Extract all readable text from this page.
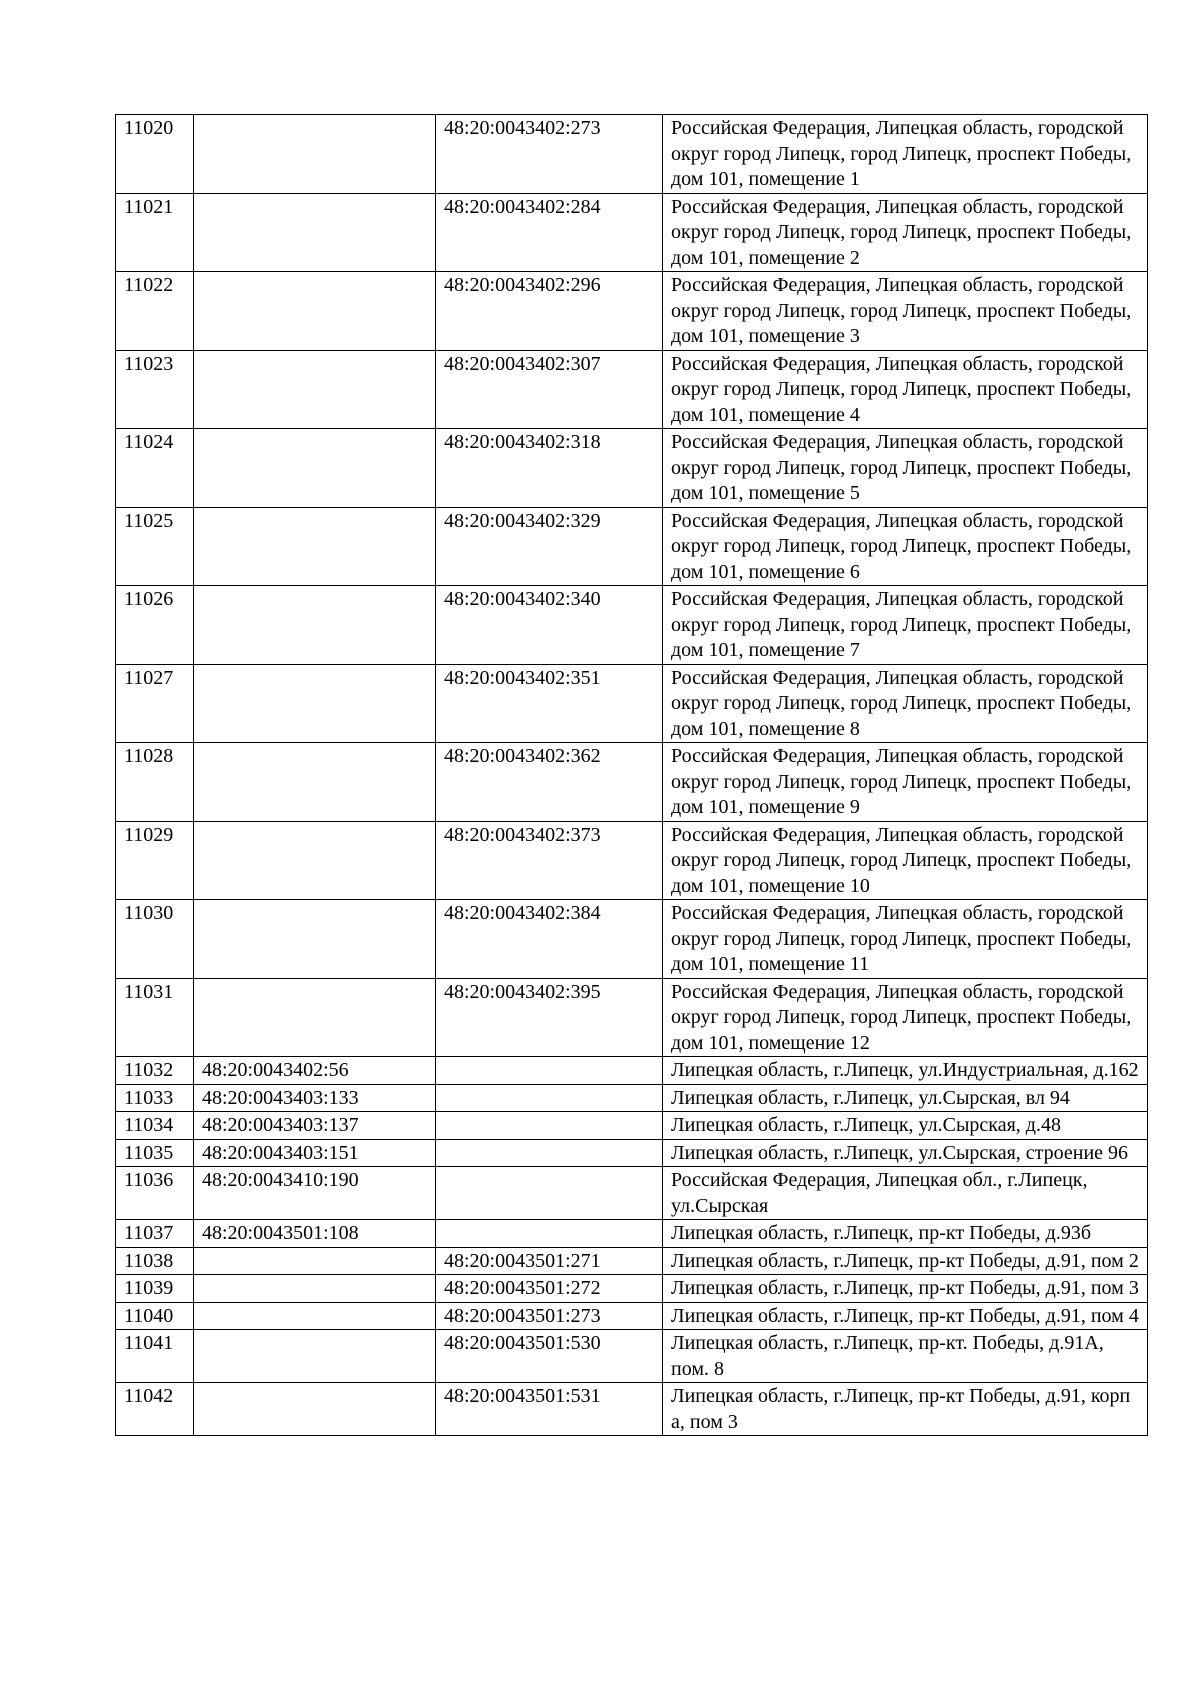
11020		48:20:0043402:273	Российская Федерация, Липецкая область, городской округ город Липецк, город Липецк, проспект Победы, дом 101, помещение 1
11021		48:20:0043402:284	Российская Федерация, Липецкая область, городской округ город Липецк, город Липецк, проспект Победы, дом 101, помещение 2
11022		48:20:0043402:296	Российская Федерация, Липецкая область, городской округ город Липецк, город Липецк, проспект Победы, дом 101, помещение 3
11023		48:20:0043402:307	Российская Федерация, Липецкая область, городской округ город Липецк, город Липецк, проспект Победы, дом 101, помещение 4
11024		48:20:0043402:318	Российская Федерация, Липецкая область, городской округ город Липецк, город Липецк, проспект Победы, дом 101, помещение 5
11025		48:20:0043402:329	Российская Федерация, Липецкая область, городской округ город Липецк, город Липецк, проспект Победы, дом 101, помещение 6
11026		48:20:0043402:340	Российская Федерация, Липецкая область, городской округ город Липецк, город Липецк, проспект Победы, дом 101, помещение 7
11027		48:20:0043402:351	Российская Федерация, Липецкая область, городской округ город Липецк, город Липецк, проспект Победы, дом 101, помещение 8
11028		48:20:0043402:362	Российская Федерация, Липецкая область, городской округ город Липецк, город Липецк, проспект Победы, дом 101, помещение 9
11029		48:20:0043402:373	Российская Федерация, Липецкая область, городской округ город Липецк, город Липецк, проспект Победы, дом 101, помещение 10
11030		48:20:0043402:384	Российская Федерация, Липецкая область, городской округ город Липецк, город Липецк, проспект Победы, дом 101, помещение 11
11031		48:20:0043402:395	Российская Федерация, Липецкая область, городской округ город Липецк, город Липецк, проспект Победы, дом 101, помещение 12
11032	48:20:0043402:56		Липецкая область, г.Липецк, ул.Индустриальная, д.162
11033	48:20:0043403:133		Липецкая область, г.Липецк, ул.Сырская, вл 94
11034	48:20:0043403:137		Липецкая область, г.Липецк, ул.Сырская, д.48
11035	48:20:0043403:151		Липецкая область, г.Липецк, ул.Сырская, строение 96
11036	48:20:0043410:190		Российская Федерация, Липецкая обл., г.Липецк, ул.Сырская
11037	48:20:0043501:108		Липецкая область, г.Липецк, пр-кт Победы, д.93б
11038		48:20:0043501:271	Липецкая область, г.Липецк, пр-кт Победы, д.91, пом 2
11039		48:20:0043501:272	Липецкая область, г.Липецк, пр-кт Победы, д.91, пом 3
11040		48:20:0043501:273	Липецкая область, г.Липецк, пр-кт Победы, д.91, пом 4
11041		48:20:0043501:530	Липецкая область, г.Липецк, пр-кт. Победы, д.91А, пом. 8
11042		48:20:0043501:531	Липецкая область, г.Липецк, пр-кт Победы, д.91, корп а, пом 3
